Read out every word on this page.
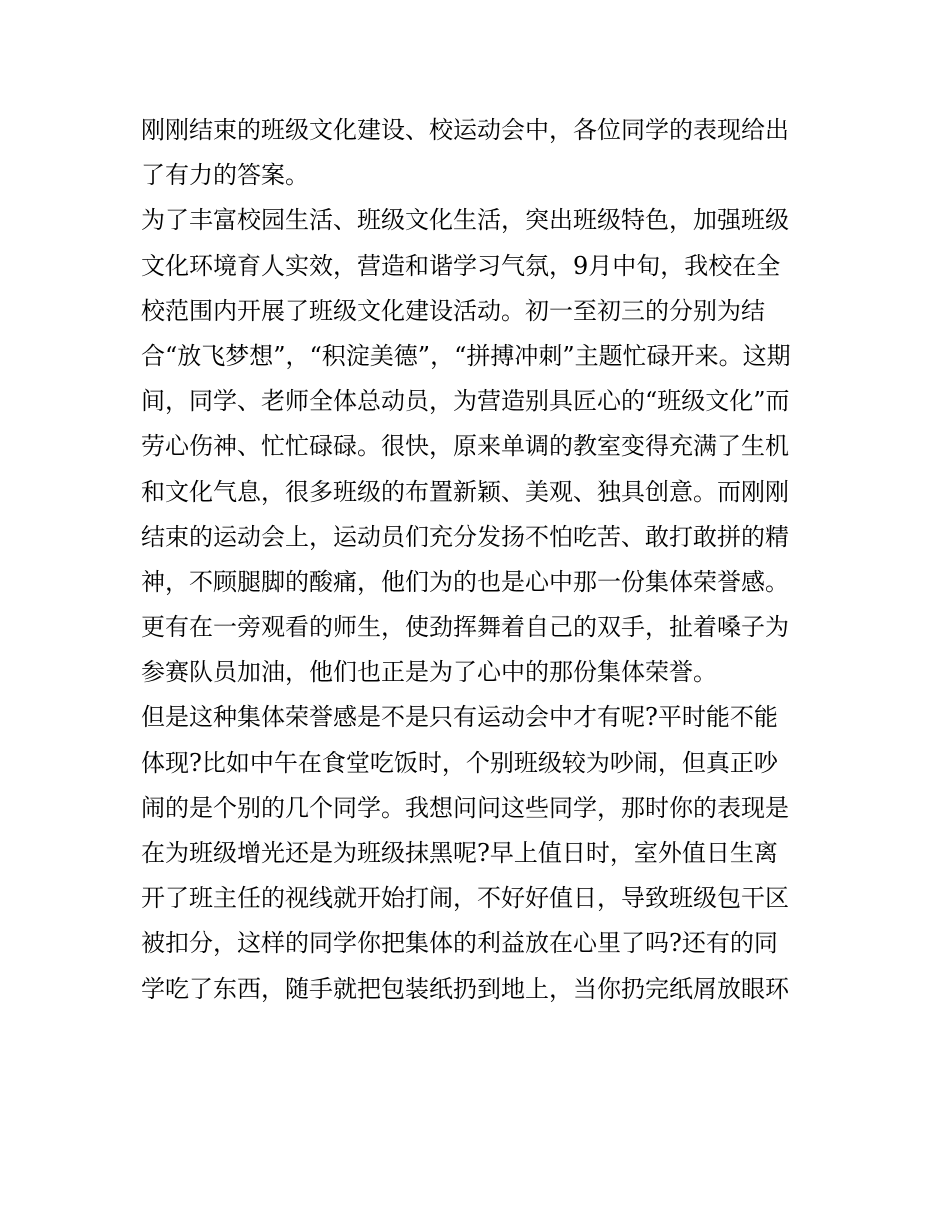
刚刚结束的班级文化建设、校运动会中，各位同学的表现给出
了有力的答案。
为了丰富校园生活、班级文化生活，突出班级特色，加强班级
文化环境育人实效，营造和谐学习气氛，9月中旬，我校在全
校范围内开展了班级文化建设活动。初一至初三的分别为结
合“放飞梦想”，“积淀美德”，“拼搏冲刺”主题忙碌开来。这期
间，同学、老师全体总动员，为营造别具匠心的“班级文化”而
劳心伤神、忙忙碌碌。很快，原来单调的教室变得充满了生机
和文化气息，很多班级的布置新颖、美观、独具创意。而刚刚
结束的运动会上，运动员们充分发扬不怕吃苦、敢打敢拼的精
神，不顾腿脚的酸痛，他们为的也是心中那一份集体荣誉感。
更有在一旁观看的师生，使劲挥舞着自己的双手，扯着嗓子为
参赛队员加油，他们也正是为了心中的那份集体荣誉。
但是这种集体荣誉感是不是只有运动会中才有呢?平时能不能
体现?比如中午在食堂吃饭时，个别班级较为吵闹，但真正吵
闹的是个别的几个同学。我想问问这些同学，那时你的表现是
在为班级增光还是为班级抹黑呢?早上值日时，室外值日生离
开了班主任的视线就开始打闹，不好好值日，导致班级包干区
被扣分，这样的同学你把集体的利益放在心里了吗?还有的同
学吃了东西，随手就把包装纸扔到地上，当你扔完纸屑放眼环
